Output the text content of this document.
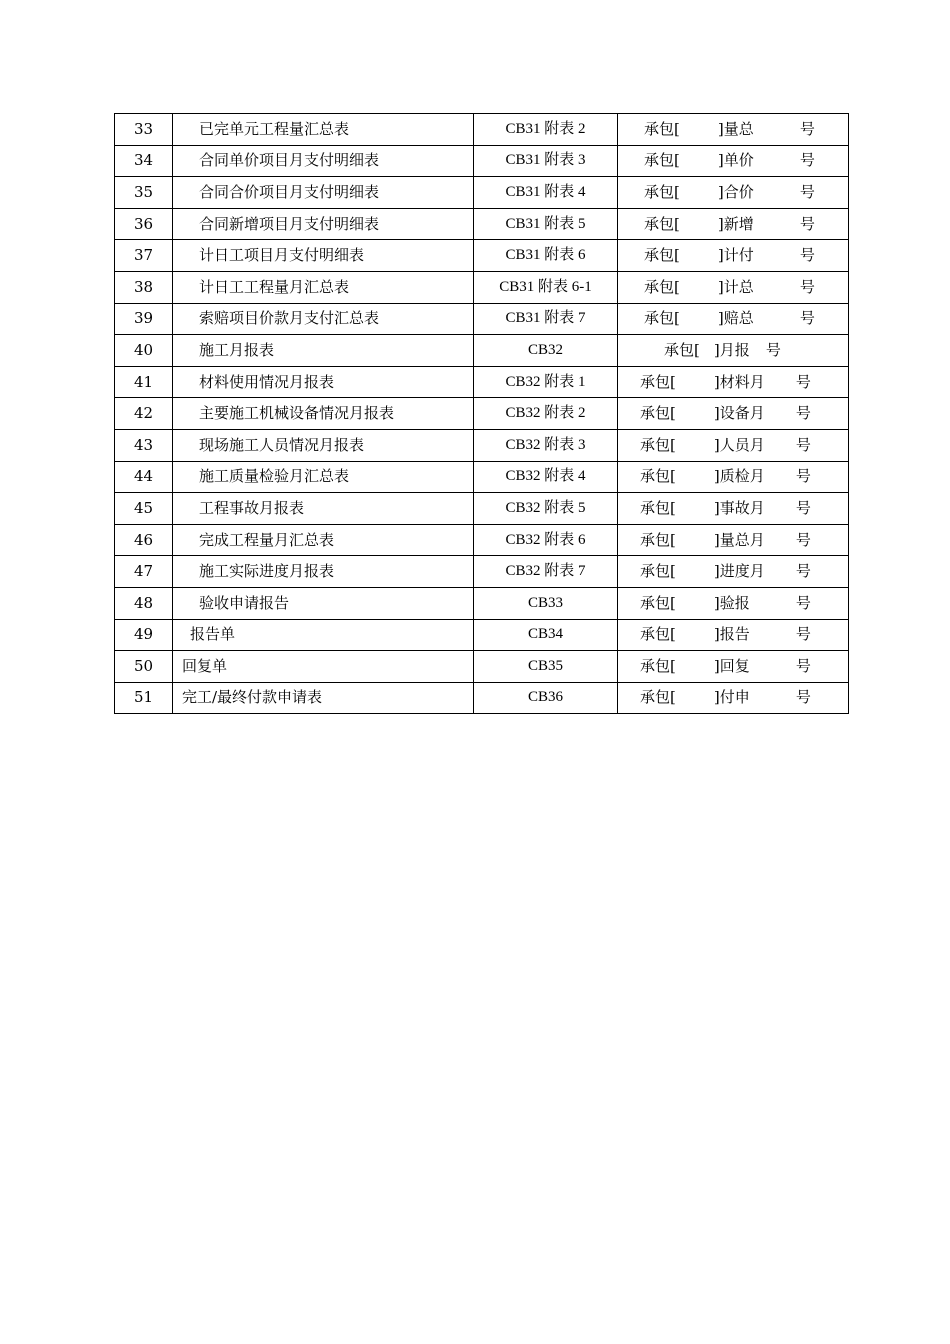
33	已完单元工程量汇总表	CB31 附表 2	承包[ ]量总 号
34	合同单价项目月支付明细表	CB31 附表 3	承包[ ]单价 号
35	合同合价项目月支付明细表	CB31 附表 4	承包[ ]合价 号
36	合同新增项目月支付明细表	CB31 附表 5	承包[ ]新增 号
37	计日工项目月支付明细表	CB31 附表 6	承包[ ]计付 号
38	计日工工程量月汇总表	CB31 附表 6-1	承包[ ]计总 号
39	索赔项目价款月支付汇总表	CB31 附表 7	承包[ ]赔总 号
40	施工月报表	CB32	承包[ ]月报 号
41	材料使用情况月报表	CB32 附表 1	承包[ ]材料月 号
42	主要施工机械设备情况月报表	CB32 附表 2	承包[ ]设备月 号
43	现场施工人员情况月报表	CB32 附表 3	承包[ ]人员月 号
44	施工质量检验月汇总表	CB32 附表 4	承包[ ]质检月 号
45	工程事故月报表	CB32 附表 5	承包[ ]事故月 号
46	完成工程量月汇总表	CB32 附表 6	承包[ ]量总月 号
47	施工实际进度月报表	CB32 附表 7	承包[ ]进度月 号
48	验收申请报告	CB33	承包[ ]验报 号
49	报告单	CB34	承包[ ]报告 号
50	回复单	CB35	承包[ ]回复 号
51	完工/最终付款申请表	CB36	承包[ ]付申 号
